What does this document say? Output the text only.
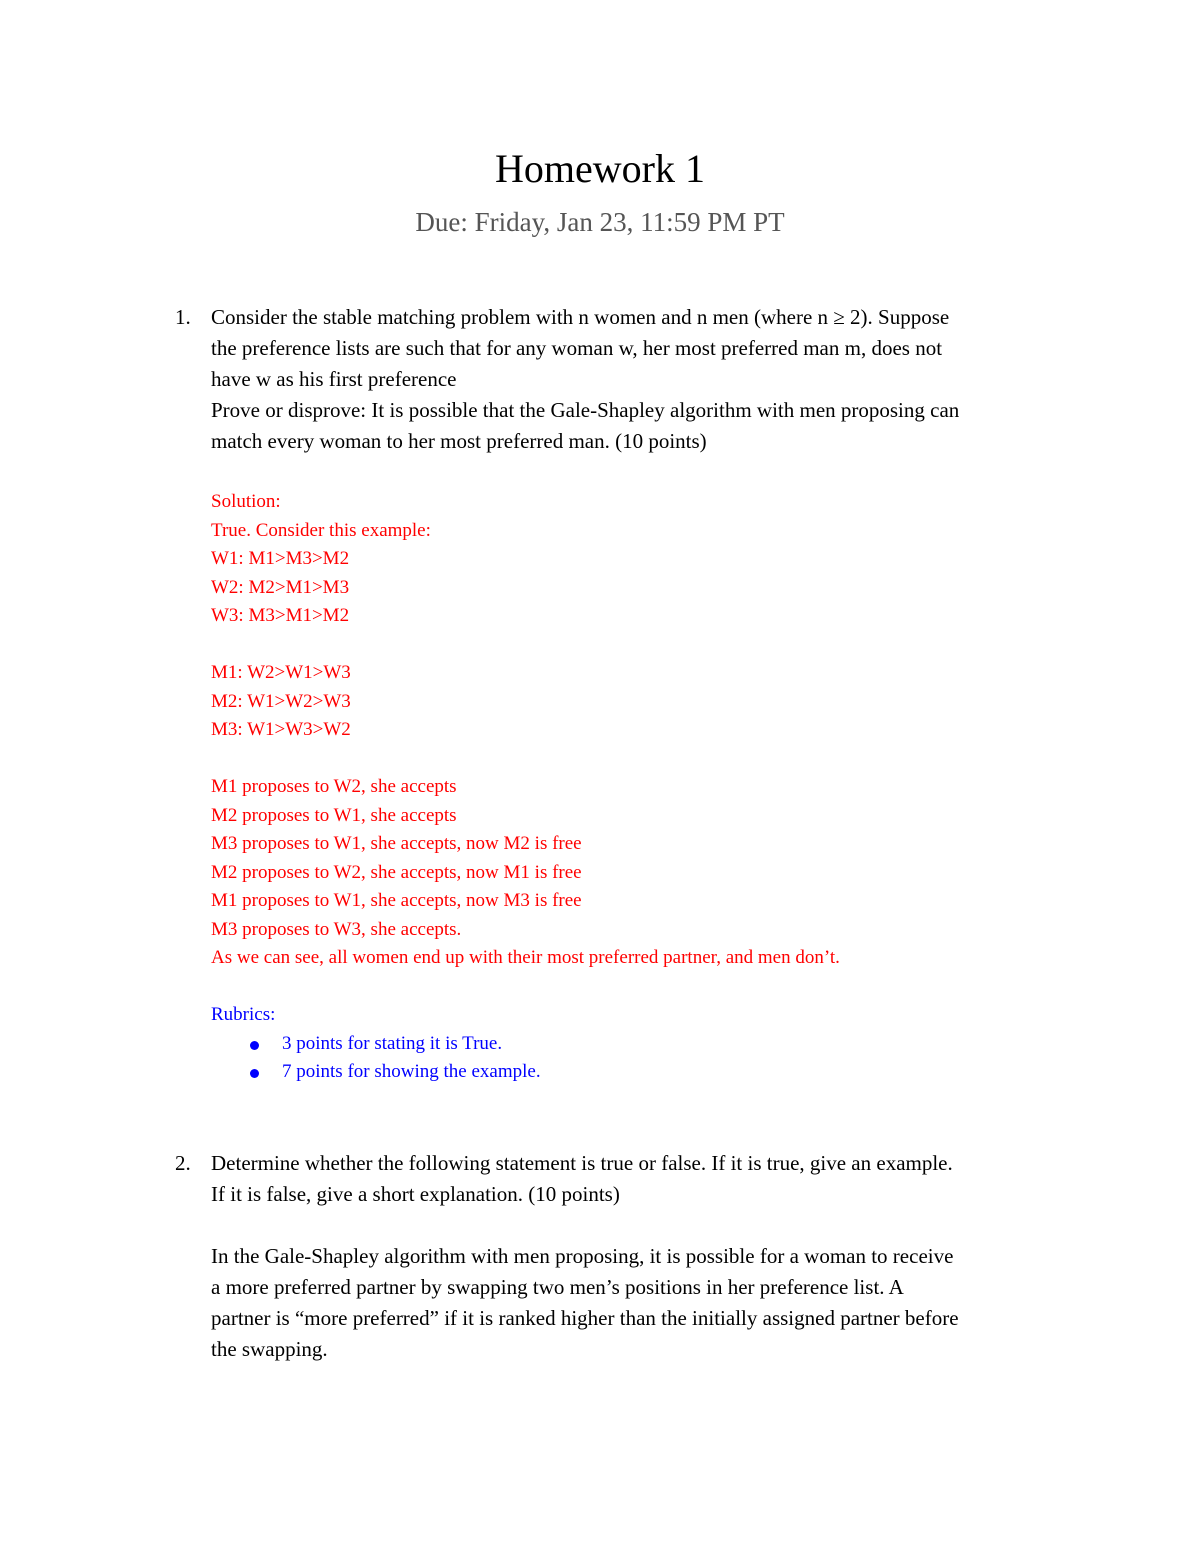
Homework 1
Due: Friday, Jan 23, 11:59 PM PT
1. Consider the stable matching problem with n women and n men (where n ≥ 2). Suppose

the preference lists are such that for any woman w, her most preferred man m, does not

have w as his first preference

Prove or disprove: It is possible that the Gale-Shapley algorithm with men proposing can

match every woman to her most preferred man. (10 points)

Solution:

True. Consider this example:

W1: M1>M3>M2

W2: M2>M1>M3

W3: M3>M1>M2

M1: W2>W1>W3

M2: W1>W2>W3

M3: W1>W3>W2

M1 proposes to W2, she accepts

M2 proposes to W1, she accepts

M3 proposes to W1, she accepts, now M2 is free

M2 proposes to W2, she accepts, now M1 is free

M1 proposes to W1, she accepts, now M3 is free

M3 proposes to W3, she accepts.

As we can see, all women end up with their most preferred partner, and men don’t.

Rubrics:

3 points for stating it is True.

7 points for showing the example.

2. Determine whether the following statement is true or false. If it is true, give an example.

If it is false, give a short explanation. (10 points)

In the Gale-Shapley algorithm with men proposing, it is possible for a woman to receive

a more preferred partner by swapping two men’s positions in her preference list. A

partner is “more preferred” if it is ranked higher than the initially assigned partner before

the swapping.
